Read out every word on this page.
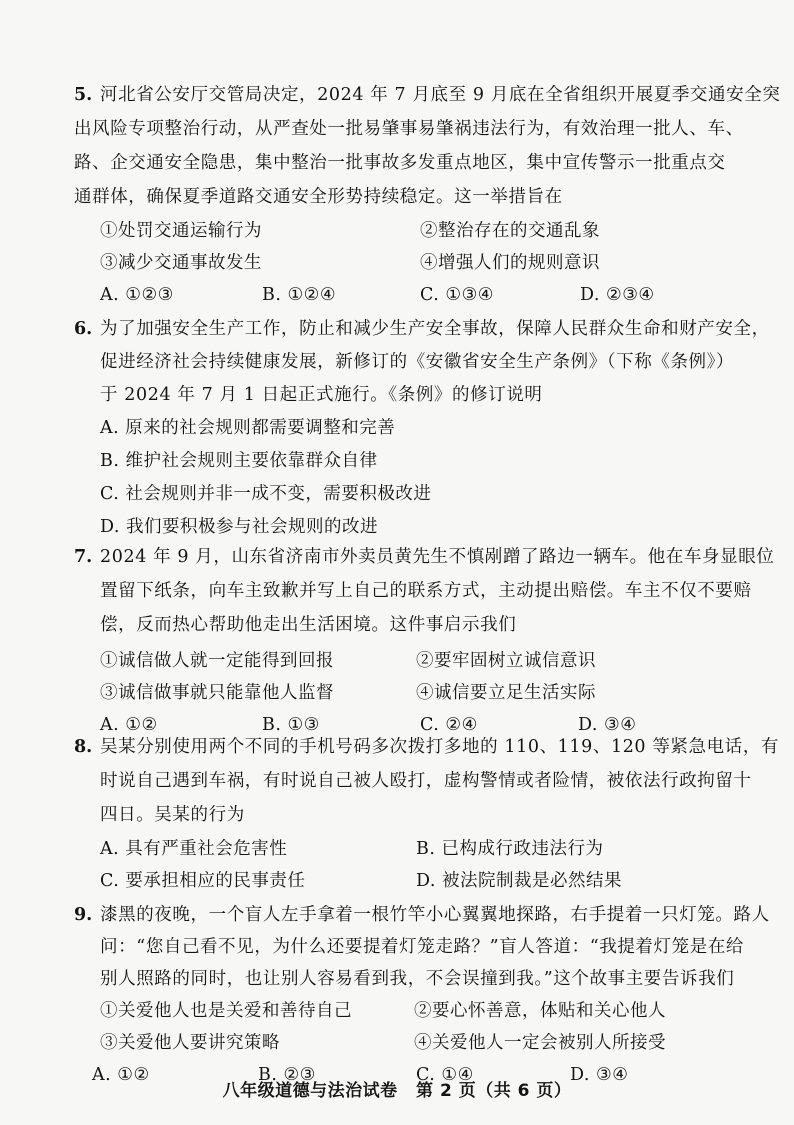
5. 河北省公安厅交管局决定，2024 年 7 月底至 9 月底在全省组织开展夏季交通安全突
出风险专项整治行动，从严查处一批易肇事易肇祸违法行为，有效治理一批人、车、
路、企交通安全隐患，集中整治一批事故多发重点地区，集中宣传警示一批重点交
通群体，确保夏季道路交通安全形势持续稳定。这一举措旨在
①处罚交通运输行为	②整治存在的交通乱象
③减少交通事故发生	④增强人们的规则意识
A. ①②③	B. ①②④	C. ①③④	D. ②③④
6. 为了加强安全生产工作，防止和减少生产安全事故，保障人民群众生命和财产安全，
促进经济社会持续健康发展，新修订的《安徽省安全生产条例》（下称《条例》）
于 2024 年 7 月 1 日起正式施行。《条例》的修订说明
A. 原来的社会规则都需要调整和完善
B. 维护社会规则主要依靠群众自律
C. 社会规则并非一成不变，需要积极改进
D. 我们要积极参与社会规则的改进
7. 2024 年 9 月，山东省济南市外卖员黄先生不慎剐蹭了路边一辆车。他在车身显眼位
置留下纸条，向车主致歉并写上自己的联系方式，主动提出赔偿。车主不仅不要赔
偿，反而热心帮助他走出生活困境。这件事启示我们
①诚信做人就一定能得到回报	②要牢固树立诚信意识
③诚信做事就只能靠他人监督	④诚信要立足生活实际
A. ①②	B. ①③	C. ②④	D. ③④
8. 吴某分别使用两个不同的手机号码多次拨打多地的 110、119、120 等紧急电话，有
时说自己遇到车祸，有时说自己被人殴打，虚构警情或者险情，被依法行政拘留十
四日。吴某的行为
A. 具有严重社会危害性	B. 已构成行政违法行为
C. 要承担相应的民事责任	D. 被法院制裁是必然结果
9. 漆黑的夜晚，一个盲人左手拿着一根竹竿小心翼翼地探路，右手提着一只灯笼。路人
问：“您自己看不见，为什么还要提着灯笼走路？”盲人答道：“我提着灯笼是在给
别人照路的同时，也让别人容易看到我，不会误撞到我。”这个故事主要告诉我们
①关爱他人也是关爱和善待自己	②要心怀善意，体贴和关心他人
③关爱他人要讲究策略	④关爱他人一定会被别人所接受
A. ①②	B. ②③	C. ①④	D. ③④
八年级道德与法治试卷 第 2 页（共 6 页）
